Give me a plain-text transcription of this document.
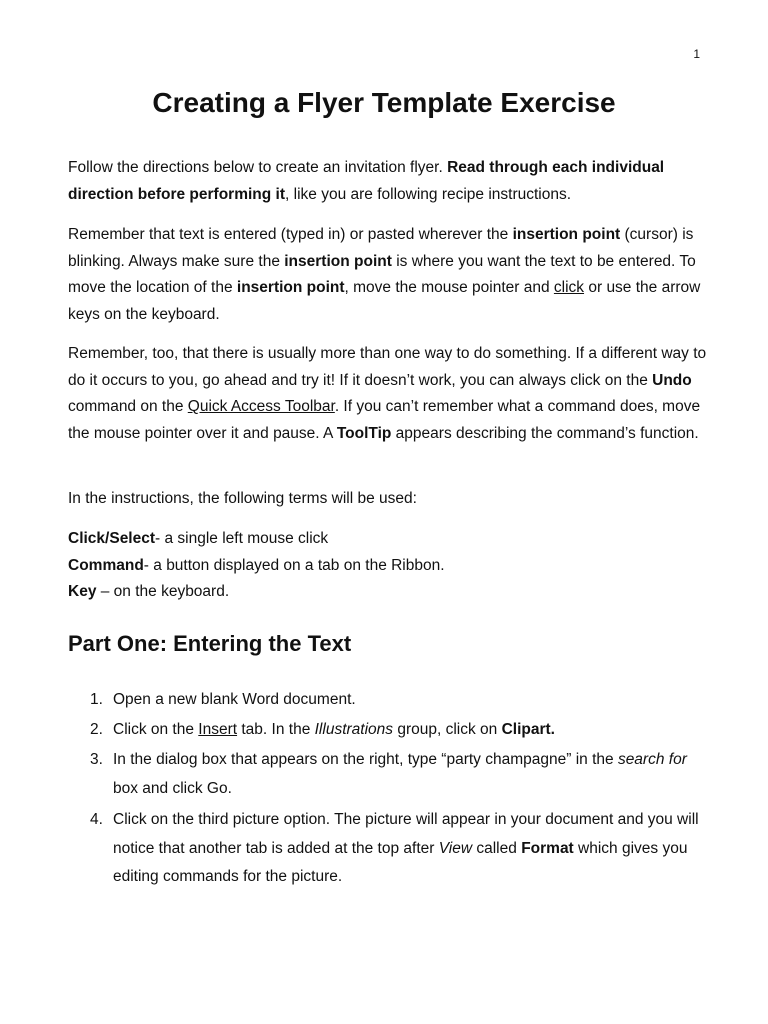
1
Creating a Flyer Template Exercise

Follow the directions below to create an invitation flyer. Read through each individual direction before performing it, like you are following recipe instructions.

Remember that text is entered (typed in) or pasted wherever the insertion point (cursor) is blinking. Always make sure the insertion point is where you want the text to be entered. To move the location of the insertion point, move the mouse pointer and click or use the arrow keys on the keyboard.

Remember, too, that there is usually more than one way to do something. If a different way to do it occurs to you, go ahead and try it! If it doesn’t work, you can always click on the Undo command on the Quick Access Toolbar. If you can’t remember what a command does, move the mouse pointer over it and pause. A ToolTip appears describing the command’s function.

In the instructions, the following terms will be used:

Click/Select- a single left mouse click

Command- a button displayed on a tab on the Ribbon.

Key – on the keyboard.

Part One: Entering the Text
1. Open a new blank Word document.
2. Click on the Insert tab. In the Illustrations group, click on Clipart.
3. In the dialog box that appears on the right, type “party champagne” in the search for box and click Go.
4. Click on the third picture option. The picture will appear in your document and you will notice that another tab is added at the top after View called Format which gives you editing commands for the picture.
